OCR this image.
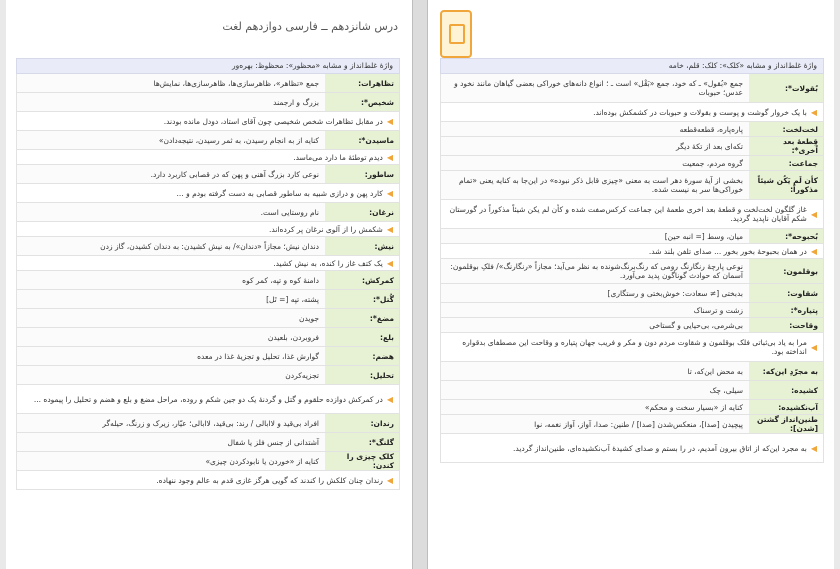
درس شانزدهم ــ فارسی دوازدهم لغت
واژهٔ غلط‌انداز و مشابه «محظور»: محظوظ: بهره‌ور
تظاهرات:
جمع «تظاهر»، ظاهرسازی‌ها، ظاهرسازی‌ها، نمایش‌ها
شخیص*:
بزرگ و ارجمند
◀
در مقابل تظاهرات شخص شخیصی چون آقای استاد، دودل مانده بودند.
ماسیدن*:
کنایه از به انجام رسیدن، به ثمر رسیدن، نتیجه‌دادن»
◀
دیدم توطئهٔ ما دارد می‌ماسد.
ساطور:
نوعی کارد بزرگ آهنی و پهن که در قصابی کاربرد دارد.
◀
کارد پهن و درازی شبیه به ساطور قصابی به دست گرفته بودم و ...
نرغان:
نام روستایی است.
◀
شکمش را از آلوی نرغان پر کرده‌اند.
نیش:
دندان نیش؛ مجازاً «دندان»/ به نیش کشیدن: به دندان کشیدن، گاز زدن
◀
یک کتف غاز را کنده، به نیش کشید.
کمرکش:
دامنهٔ کوه و تپه، کمر کوه
گُتل*:
پشته، تپه [= تَل]
مضغ*:
جویدن
بلع:
فروبردن، بلعیدن
هضم:
گوارش غذا، تحلیل و تجزیهٔ غذا در معده
تحلیل:
تجزیه‌کردن
◀
در کمرکش دوازده حلقوم و گتل و گردنهٔ یک دو جین شکم و روده، مراحل مضغ و بلع و هضم و تحلیل را پیموده ...
رندان:
افراد بی‌قید و لاابالی / رند: بی‌قید، لاابالی؛ عیّار، زیرک و زرنگ، حیله‌گر
گلنگ*:
آشتدانی از جنس فلز یا شفال
کلک چیزی را کندن:
کنایه از «خوردن یا نابودکردن چیزی»
◀
رندان چنان کلکش را کندند که گویی هرگز غازی قدم به عالم وجود ننهاده.
واژهٔ غلط‌انداز و مشابه «کلک»: کلک: قلم، خامه
بُقولات*:
جمع «بُقول» ـ که خود، جمع «بَقْل» است ـ ؛ انواع دانه‌های خوراکی بعضی گیاهان مانند نخود و عدس؛ حبوبات
◀
با یک خروار گوشت و پوست و بقولات و حبوبات در کشمکش بوده‌اند.
لخت‌لخت:
پاره‌پاره، قطعه‌قطعه
قِطعهٔ بعد اُخری*:
تکه‌ای بعد از تکهٔ دیگر
جماعت:
گروه مردم، جمعیت
کأن لَم یَکُن شیئاً مذکوراً:
بخشی از آیهٔ سورهٔ دهر است به معنی «چیزی قابل ذکر نبوده» در این‌جا به کنایه یعنی «تمام خوراکی‌ها سر به نیست شده.
◀
غاز گلگون لخت‌لخت و قطعهٔ بعد اخری طعمهٔ این جماعت کرکس‌صفت شده و کأن لم یکن شیئاً مذکوراً در گورستان شکم آقایان ناپدید گردید.
بُحبوحه*:
میان، وسط [= انبه حین]
◀
در همان بحبوحهٔ بخور بخور ... صدای تلفن بلند شد.
بوقلمون:
نوعی پارچهٔ رنگارنگ رومی که رنگ‌برنگ‌شونده به نظر می‌آید؛ مجازاً «رنگارنگ»/ فلکِ بوقلمون: آسمان که حوادث گوناگون پدید می‌آورد.
شقاوت:
بدبختی [≠ سعادت: خوش‌بختی و رستگاری]
پتیاره*:
زشت و ترسناک
وقاحت:
بی‌شرمی، بی‌حیایی و گستاخی
◀
مرا به یاد بی‌ثباتی فلک بوقلمون و شقاوت مردم دون و مکر و فریب جهان پتیاره و وقاحت این مصطفای بدقواره انداخته بود.
به مجرّدِ این‌که:
به محض این‌که، تا
کشیده:
سیلی، چک
آب‌نکشیده:
کنایه از «بسیار سخت و محکم»
طنین‌انداز گشتن [شدن]:
پیچیدن [صدا]، منعکس‌شدن [صدا] / طنین: صدا، آواز، آواز نغمه، نوا
◀
به مجرد این‌که از اتاق بیرون آمدیم، در را بستم و صدای کشیدهٔ آب‌نکشیده‌ای، طنین‌انداز گردید.
